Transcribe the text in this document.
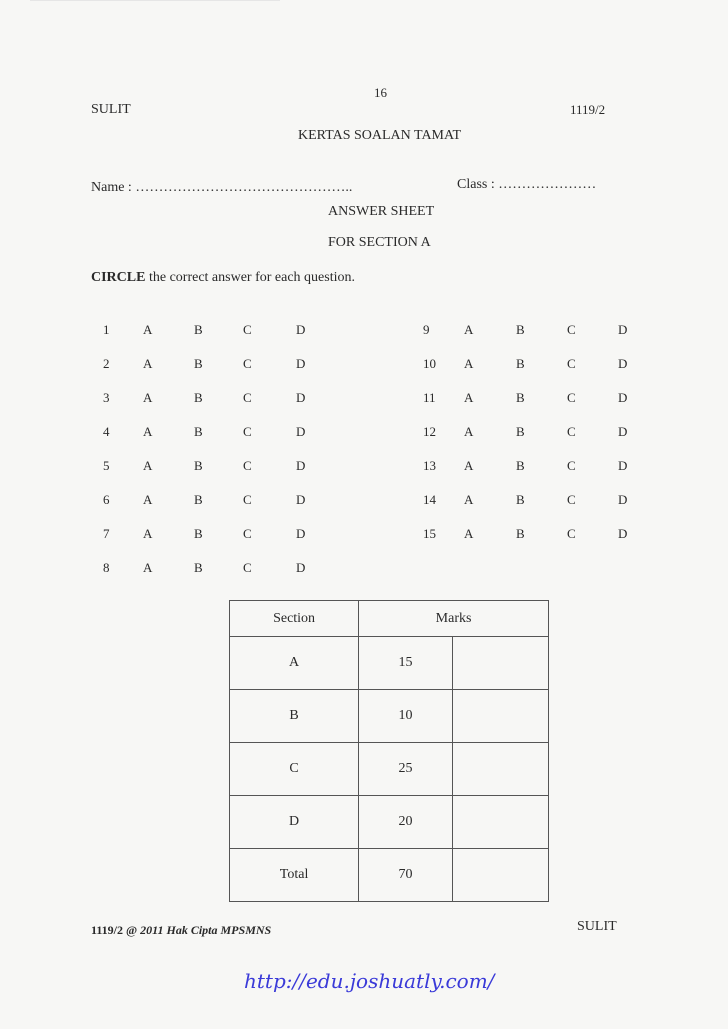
16
SULIT	1119/2
KERTAS SOALAN TAMAT
Name : ………………………………………..	Class : …………………
ANSWER SHEET
FOR SECTION A
CIRCLE the correct answer for each question.
1	A	B	C	D
2	A	B	C	D
3	A	B	C	D
4	A	B	C	D
5	A	B	C	D
6	A	B	C	D
7	A	B	C	D
8	A	B	C	D
9	A	B	C	D
10 A	B	C	D
11 A	B	C	D
12 A	B	C	D
13 A	B	C	D
14 A	B	C	D
15 A	B	C	D
Section	Marks	
A	15	
B	10	
C	25	
D	20	
Total	70	
1119/2 @ 2011 Hak Cipta MPSMNS	SULIT
http://edu.joshuatly.com/
